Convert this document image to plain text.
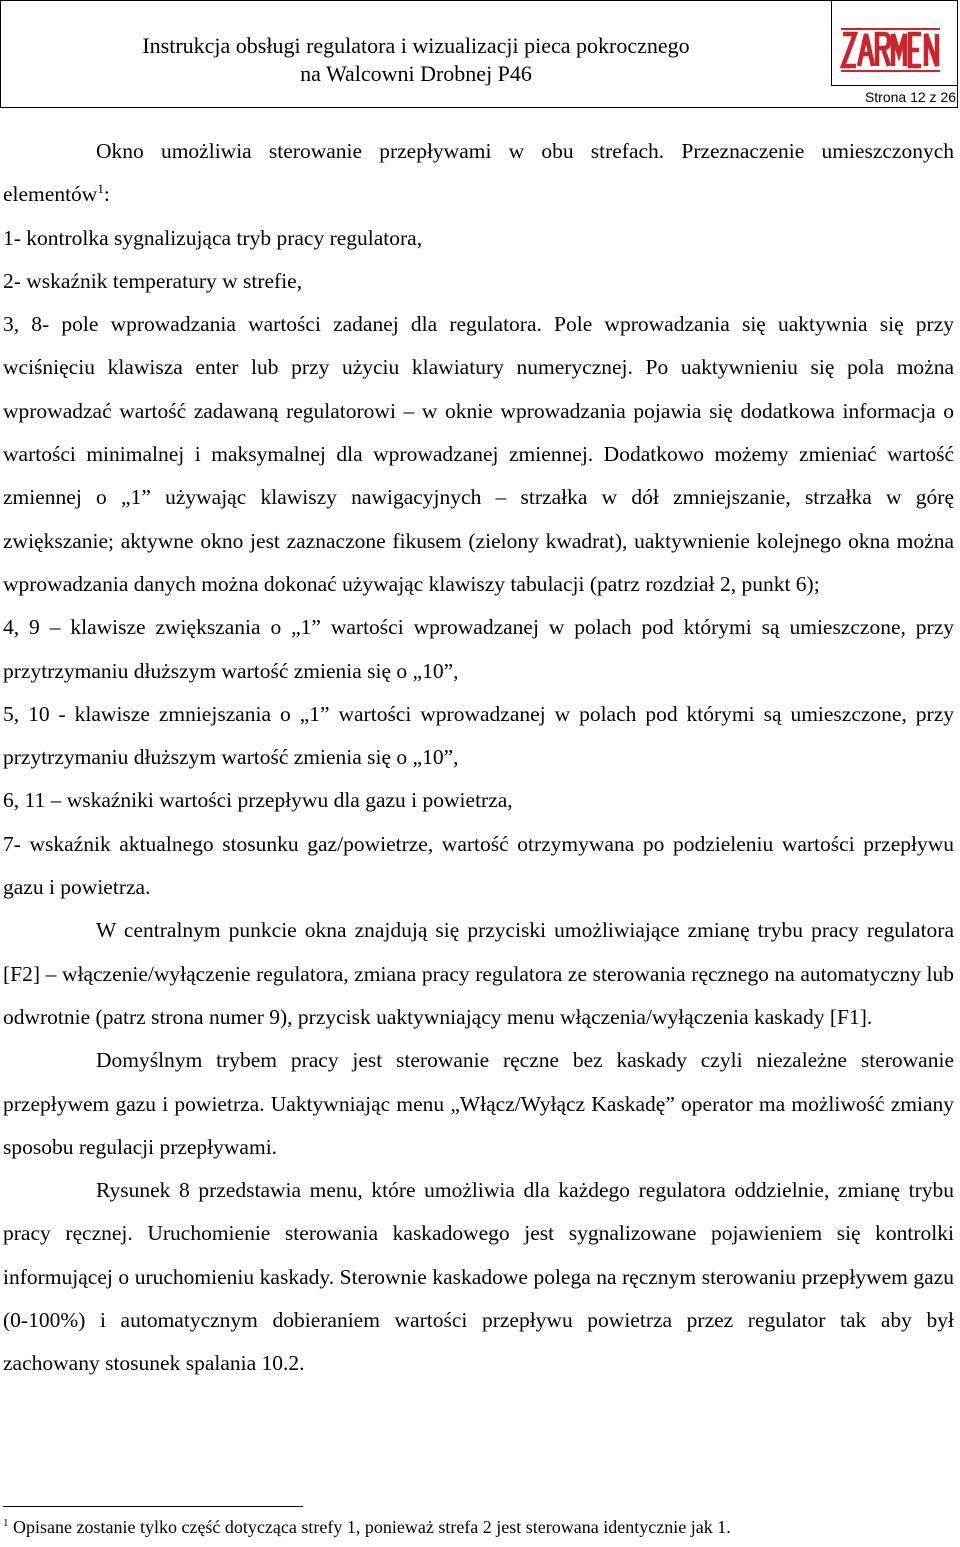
Instrukcja obsługi regulatora i wizualizacji pieca pokrocznego
na Walcowni Drobnej P46
Strona 12 z 26

Okno umożliwia sterowanie przepływami w obu strefach. Przeznaczenie umieszczonych elementów$^1$:

1- kontrolka sygnalizująca tryb pracy regulatora,

2- wskaźnik temperatury w strefie,

3, 8- pole wprowadzania wartości zadanej dla regulatora. Pole wprowadzania się uaktywnia się przy wciśnięciu klawisza enter lub przy użyciu klawiatury numerycznej. Po uaktywnieniu się pola można wprowadzać wartość zadawaną regulatorowi – w oknie wprowadzania pojawia się dodatkowa informacja o wartości minimalnej i maksymalnej dla wprowadzanej zmiennej. Dodatkowo możemy zmieniać wartość zmiennej o „1” używając klawiszy nawigacyjnych – strzałka w dół zmniejszanie, strzałka w górę zwiększanie; aktywne okno jest zaznaczone fikusem (zielony kwadrat), uaktywnienie kolejnego okna można wprowadzania danych można dokonać używając klawiszy tabulacji (patrz rozdział 2, punkt 6);

4, 9 – klawisze zwiększania o „1” wartości wprowadzanej w polach pod którymi są umieszczone, przy przytrzymaniu dłuższym wartość zmienia się o „10”,

5, 10 - klawisze zmniejszania o „1” wartości wprowadzanej w polach pod którymi są umieszczone, przy przytrzymaniu dłuższym wartość zmienia się o „10”,

6, 11 – wskaźniki wartości przepływu dla gazu i powietrza,

7- wskaźnik aktualnego stosunku gaz/powietrze, wartość otrzymywana po podzieleniu wartości przepływu gazu i powietrza.

W centralnym punkcie okna znajdują się przyciski umożliwiające zmianę trybu pracy regulatora [F2] – włączenie/wyłączenie regulatora, zmiana pracy regulatora ze sterowania ręcznego na automatyczny lub odwrotnie (patrz strona numer 9), przycisk uaktywniający menu włączenia/wyłączenia kaskady [F1].

Domyślnym trybem pracy jest sterowanie ręczne bez kaskady czyli niezależne sterowanie przepływem gazu i powietrza. Uaktywniając menu „Włącz/Wyłącz Kaskadę” operator ma możliwość zmiany sposobu regulacji przepływami.

Rysunek 8 przedstawia menu, które umożliwia dla każdego regulatora oddzielnie, zmianę trybu pracy ręcznej. Uruchomienie sterowania kaskadowego jest sygnalizowane pojawieniem się kontrolki informującej o uruchomieniu kaskady. Sterownie kaskadowe polega na ręcznym sterowaniu przepływem gazu (0-100%) i automatycznym dobieraniem wartości przepływu powietrza przez regulator tak aby był zachowany stosunek spalania 10.2.

$^1$ Opisane zostanie tylko część dotycząca strefy 1, ponieważ strefa 2 jest sterowana identycznie jak 1.
